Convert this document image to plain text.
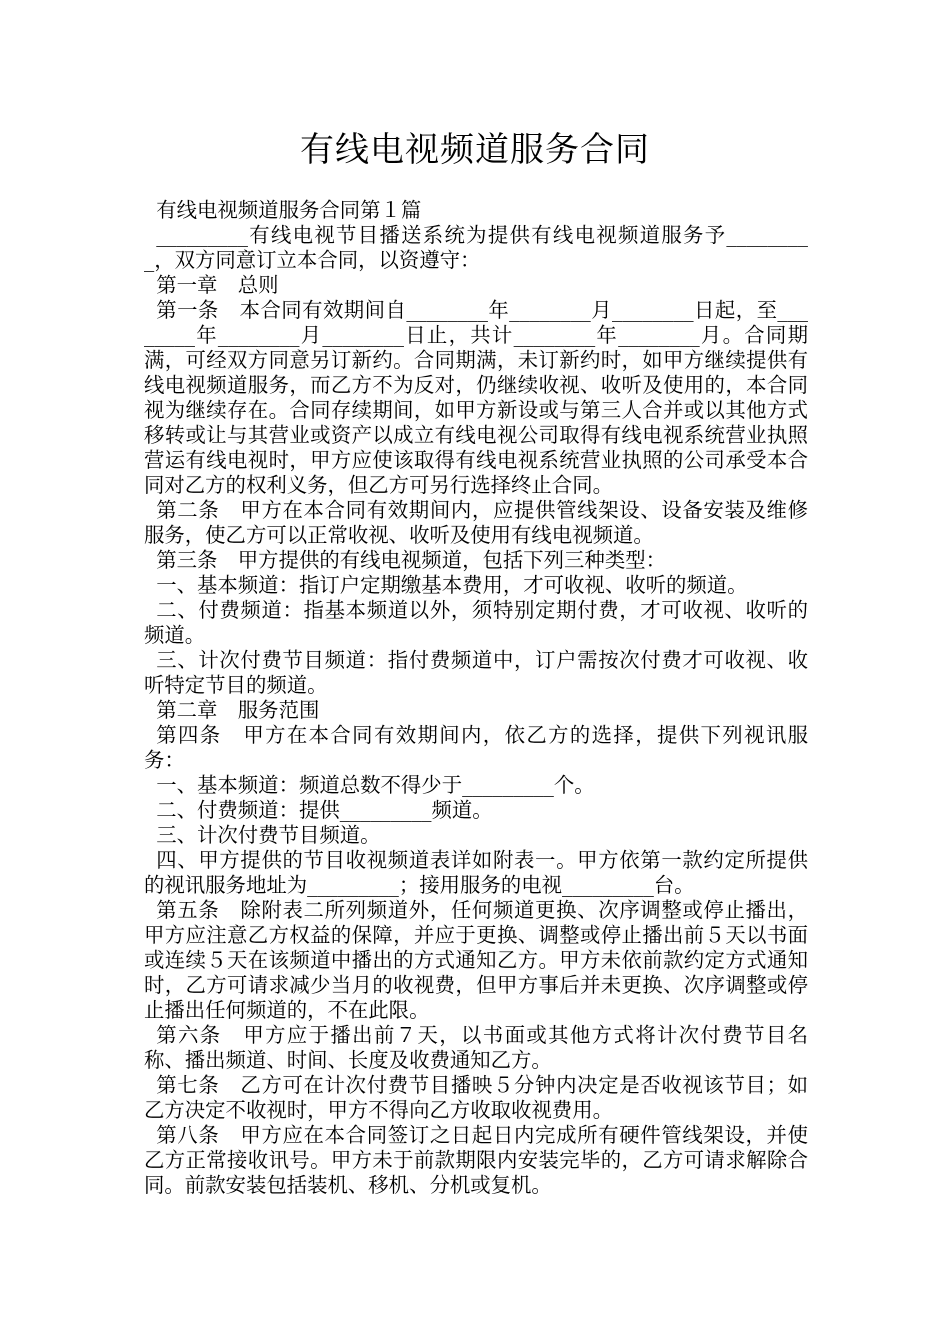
有线电视频道服务合同

有线电视频道服务合同第１篇

_________有线电视节目播送系统为提供有线电视频道服务予_________，双方同意订立本合同，以资遵守：

第一章　总则

第一条　本合同有效期间自________年________月________日起，至________年________月________日止，共计________年________月。合同期满，可经双方同意另订新约。合同期满，未订新约时，如甲方继续提供有线电视频道服务，而乙方不为反对，仍继续收视、收听及使用的，本合同视为继续存在。合同存续期间，如甲方新设或与第三人合并或以其他方式移转或让与其营业或资产以成立有线电视公司取得有线电视系统营业执照营运有线电视时，甲方应使该取得有线电视系统营业执照的公司承受本合同对乙方的权利义务，但乙方可另行选择终止合同。

第二条　甲方在本合同有效期间内，应提供管线架设、设备安装及维修服务，使乙方可以正常收视、收听及使用有线电视频道。

第三条　甲方提供的有线电视频道，包括下列三种类型：

一、基本频道：指订户定期缴基本费用，才可收视、收听的频道。

二、付费频道：指基本频道以外，须特别定期付费，才可收视、收听的频道。

三、计次付费节目频道：指付费频道中，订户需按次付费才可收视、收听特定节目的频道。

第二章　服务范围

第四条　甲方在本合同有效期间内，依乙方的选择，提供下列视讯服务：

一、基本频道：频道总数不得少于_________个。

二、付费频道：提供_________频道。

三、计次付费节目频道。

四、甲方提供的节目收视频道表详如附表一。甲方依第一款约定所提供的视讯服务地址为_________；接用服务的电视_________台。

第五条　除附表二所列频道外，任何频道更换、次序调整或停止播出，甲方应注意乙方权益的保障，并应于更换、调整或停止播出前５天以书面或连续５天在该频道中播出的方式通知乙方。甲方未依前款约定方式通知时，乙方可请求减少当月的收视费，但甲方事后并未更换、次序调整或停止播出任何频道的，不在此限。

第六条　甲方应于播出前７天，以书面或其他方式将计次付费节目名称、播出频道、时间、长度及收费通知乙方。

第七条　乙方可在计次付费节目播映５分钟内决定是否收视该节目；如乙方决定不收视时，甲方不得向乙方收取收视费用。

第八条　甲方应在本合同签订之日起日内完成所有硬件管线架设，并使乙方正常接收讯号。甲方未于前款期限内安装完毕的，乙方可请求解除合同。前款安装包括装机、移机、分机或复机。
